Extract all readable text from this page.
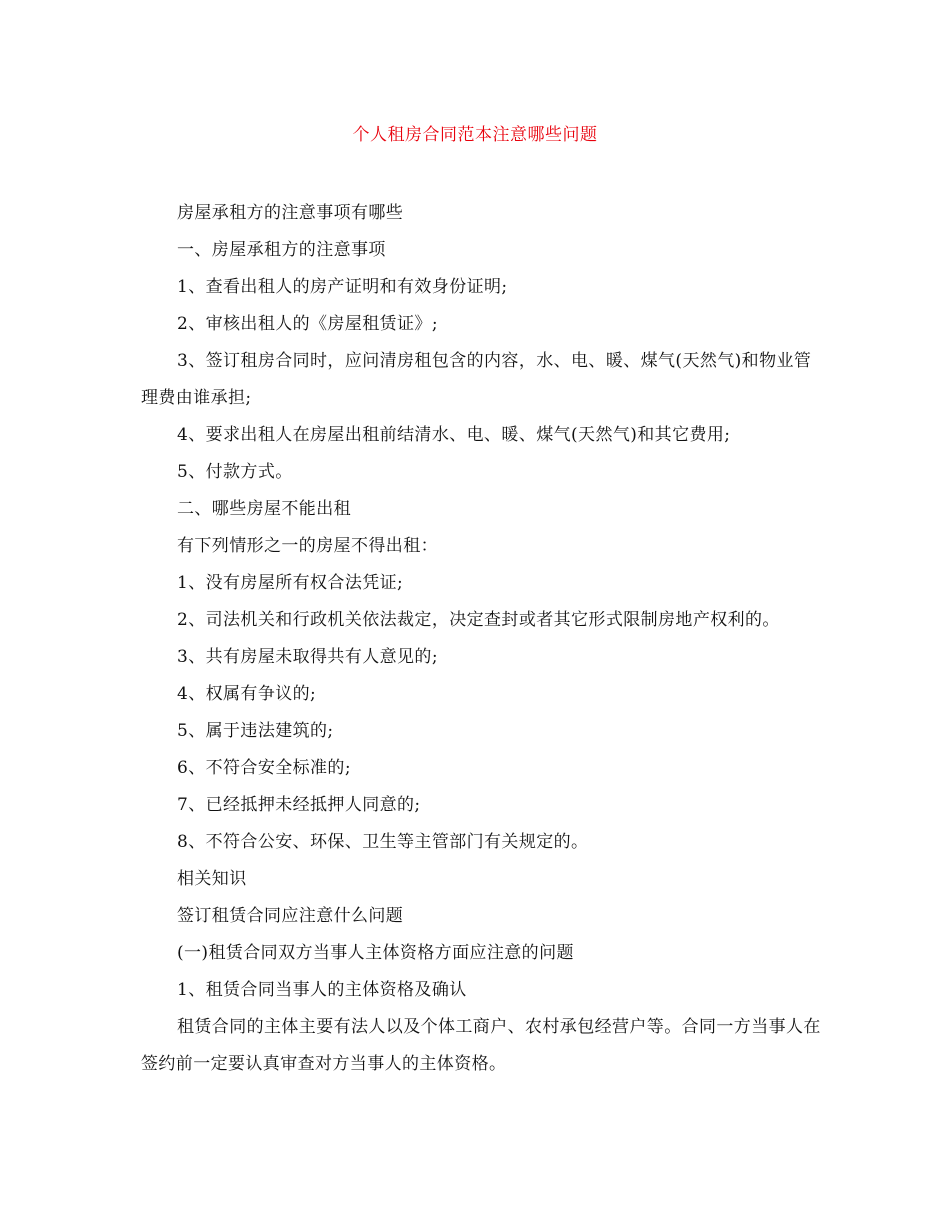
个人租房合同范本注意哪些问题

房屋承租方的注意事项有哪些

一、房屋承租方的注意事项

1、查看出租人的房产证明和有效身份证明;

2、审核出租人的《房屋租赁证》;

3、签订租房合同时，应问清房租包含的内容，水、电、暖、煤气(天然气)和物业管理费由谁承担;

4、要求出租人在房屋出租前结清水、电、暖、煤气(天然气)和其它费用;

5、付款方式。

二、哪些房屋不能出租

有下列情形之一的房屋不得出租：

1、没有房屋所有权合法凭证;

2、司法机关和行政机关依法裁定，决定查封或者其它形式限制房地产权利的。

3、共有房屋未取得共有人意见的;

4、权属有争议的;

5、属于违法建筑的;

6、不符合安全标准的;

7、已经抵押未经抵押人同意的;

8、不符合公安、环保、卫生等主管部门有关规定的。

相关知识

签订租赁合同应注意什么问题

(一)租赁合同双方当事人主体资格方面应注意的问题

1、租赁合同当事人的主体资格及确认

租赁合同的主体主要有法人以及个体工商户、农村承包经营户等。合同一方当事人在签约前一定要认真审查对方当事人的主体资格。
